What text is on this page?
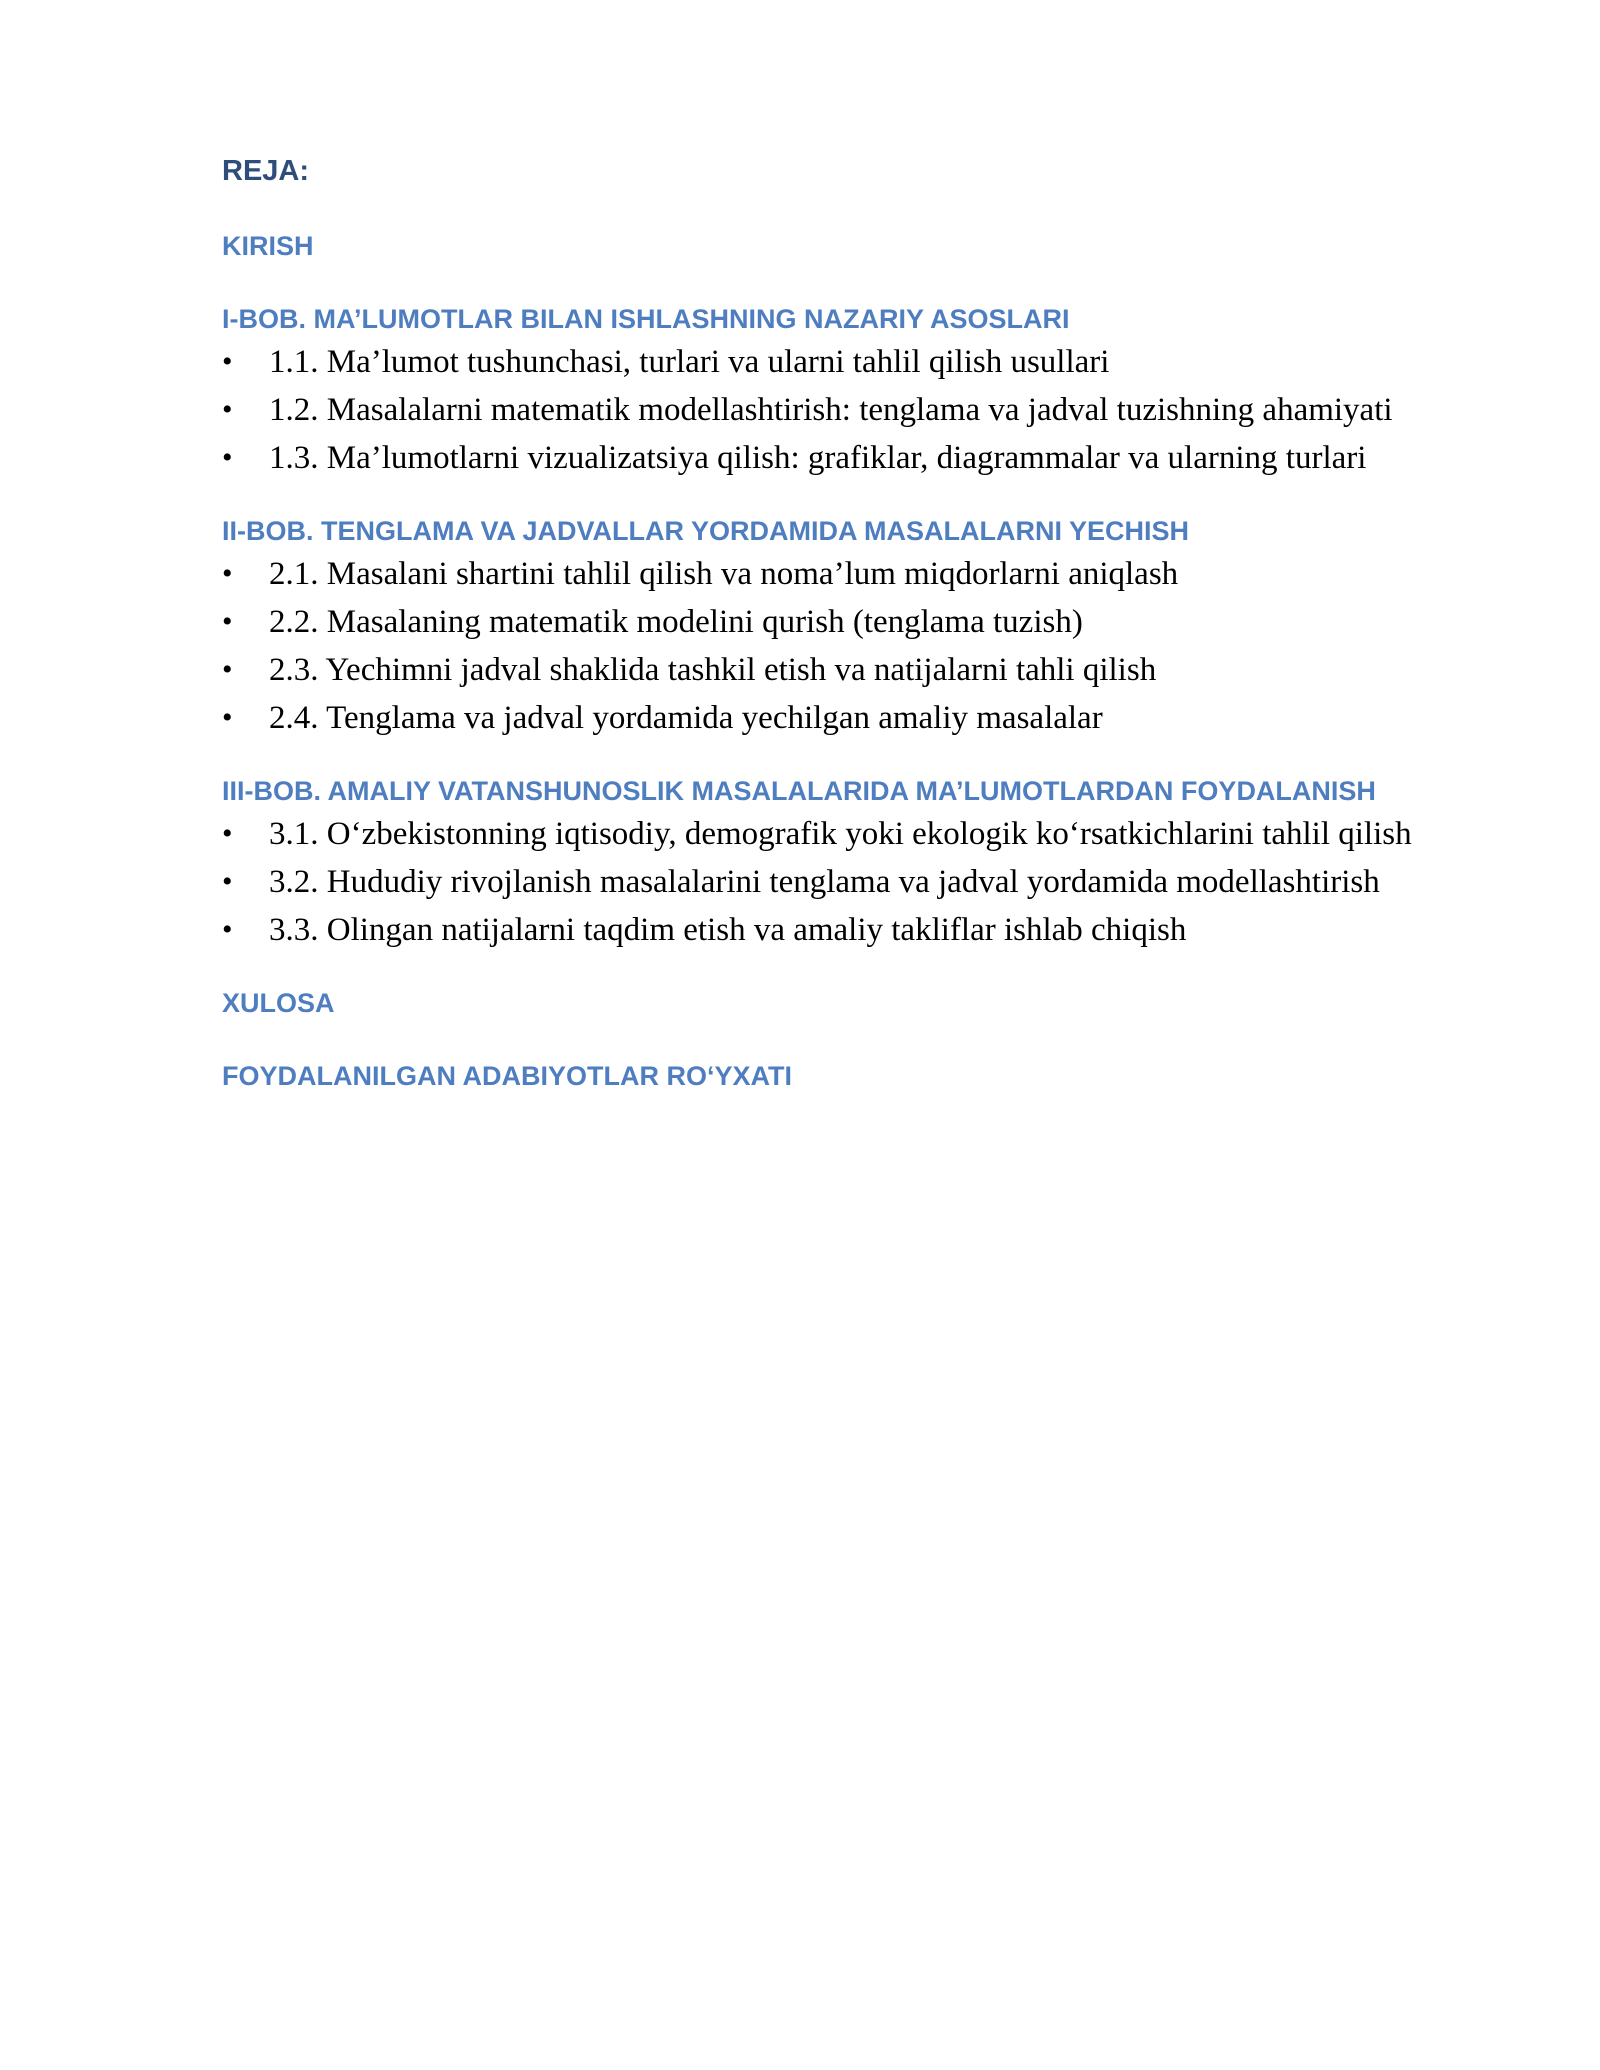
REJA:
KIRISH
I-BOB. MA’LUMOTLAR BILAN ISHLASHNING NAZARIY ASOSLARI
• 1.1. Ma’lumot tushunchasi, turlari va ularni tahlil qilish usullari
• 1.2. Masalalarni matematik modellashtirish: tenglama va jadval tuzishning ahamiyati
• 1.3. Ma’lumotlarni vizualizatsiya qilish: grafiklar, diagrammalar va ularning turlari
II-BOB. TENGLAMA VA JADVALLAR YORDAMIDA MASALALARNI YECHISH
• 2.1. Masalani shartini tahlil qilish va noma’lum miqdorlarni aniqlash
• 2.2. Masalaning matematik modelini qurish (tenglama tuzish)
• 2.3. Yechimni jadval shaklida tashkil etish va natijalarni tahli qilish
• 2.4. Tenglama va jadval yordamida yechilgan amaliy masalalar
III-BOB. AMALIY VATANSHUNOSLIK MASALALARIDA MA’LUMOTLARDAN FOYDALANISH
• 3.1. O‘zbekistonning iqtisodiy, demografik yoki ekologik ko‘rsatkichlarini tahlil qilish
• 3.2. Hududiy rivojlanish masalalarini tenglama va jadval yordamida modellashtirish
• 3.3. Olingan natijalarni taqdim etish va amaliy takliflar ishlab chiqish
XULOSA
FOYDALANILGAN ADABIYOTLAR RO‘YXATI
